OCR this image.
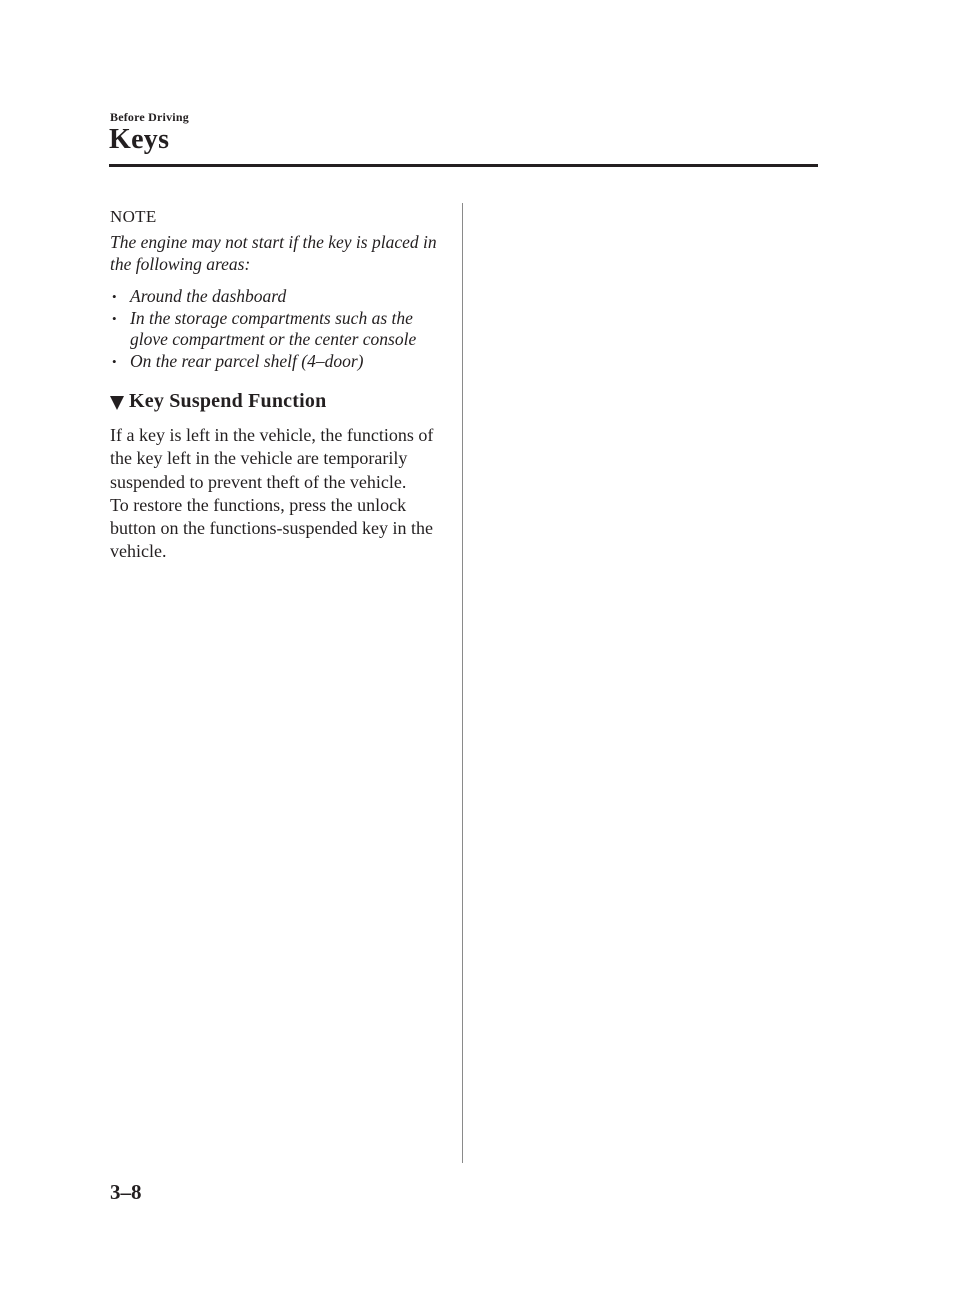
Before Driving
Keys
NOTE
The engine may not start if the key is placed in the following areas:
• Around the dashboard
• In the storage compartments such as the glove compartment or the center console
• On the rear parcel shelf (4–door)
Key Suspend Function

If a key is left in the vehicle, the functions of the key left in the vehicle are temporarily suspended to prevent theft of the vehicle.

To restore the functions, press the unlock button on the functions-suspended key in the vehicle.

3–8
